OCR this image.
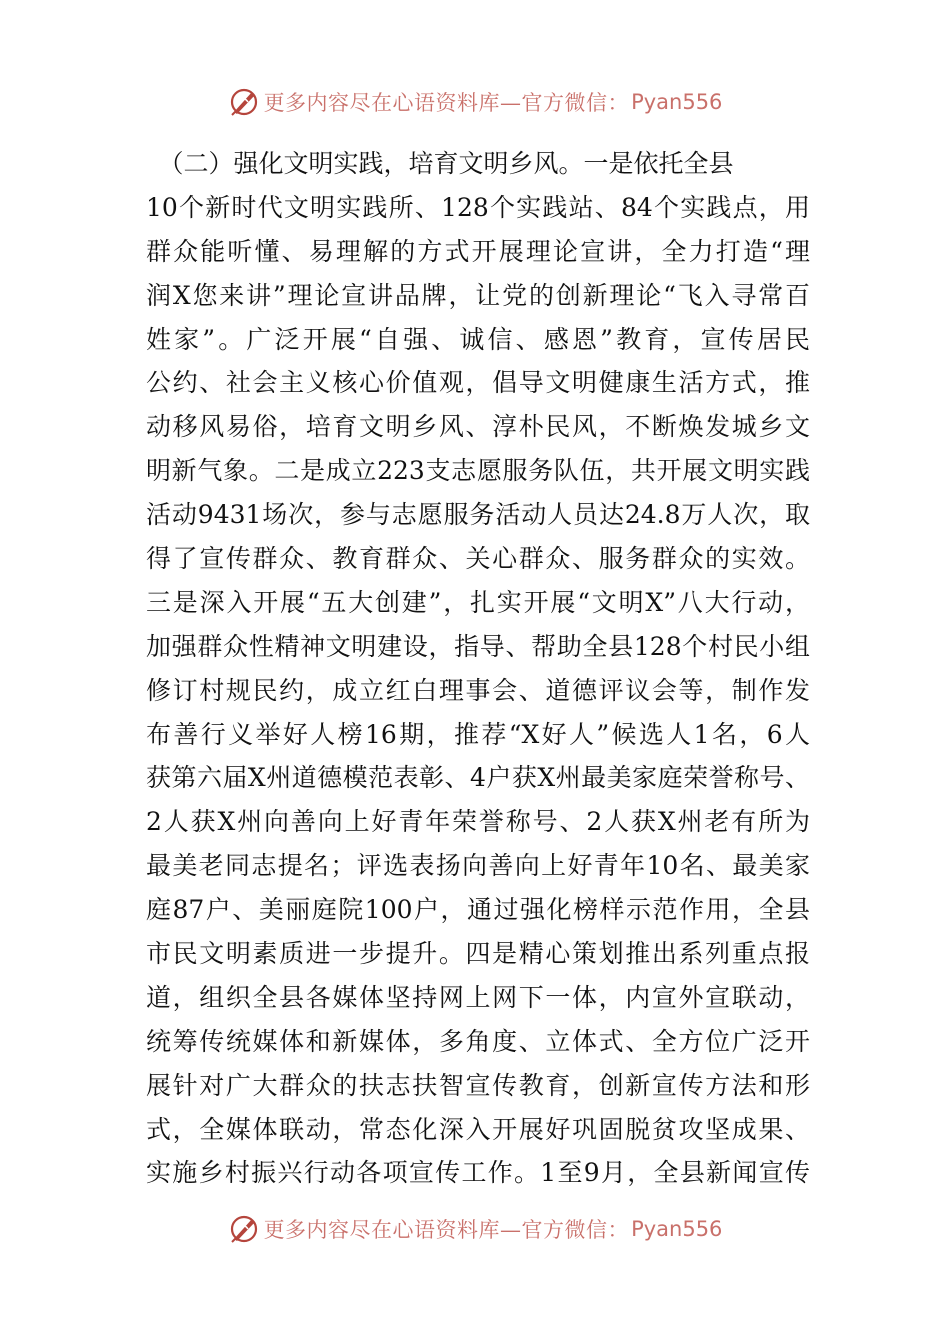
更多内容尽在心语资料库—官方微信： Pyan556
　（二）强化文明实践，培育文明乡风。一是依托全县
10个新时代文明实践所、128个实践站、84个实践点，用
群众能听懂、易理解的方式开展理论宣讲，全力打造“理
润X您来讲”理论宣讲品牌，让党的创新理论“飞入寻常百
姓家”。广泛开展“自强、诚信、感恩”教育，宣传居民
公约、社会主义核心价值观，倡导文明健康生活方式，推
动移风易俗，培育文明乡风、淳朴民风，不断焕发城乡文
明新气象。二是成立223支志愿服务队伍，共开展文明实践
活动9431场次，参与志愿服务活动人员达24.8万人次，取
得了宣传群众、教育群众、关心群众、服务群众的实效。
三是深入开展“五大创建”，扎实开展“文明X”八大行动，
加强群众性精神文明建设，指导、帮助全县128个村民小组
修订村规民约，成立红白理事会、道德评议会等，制作发
布善行义举好人榜16期，推荐“X好人”候选人1名，6人
获第六届X州道德模范表彰、4户获X州最美家庭荣誉称号、
2人获X州向善向上好青年荣誉称号、2人获X州老有所为
最美老同志提名；评选表扬向善向上好青年10名、最美家
庭87户、美丽庭院100户，通过强化榜样示范作用，全县
市民文明素质进一步提升。四是精心策划推出系列重点报
道，组织全县各媒体坚持网上网下一体，内宣外宣联动，
统筹传统媒体和新媒体，多角度、立体式、全方位广泛开
展针对广大群众的扶志扶智宣传教育，创新宣传方法和形
式，全媒体联动，常态化深入开展好巩固脱贫攻坚成果、
实施乡村振兴行动各项宣传工作。1至9月，全县新闻宣传
更多内容尽在心语资料库—官方微信： Pyan556
